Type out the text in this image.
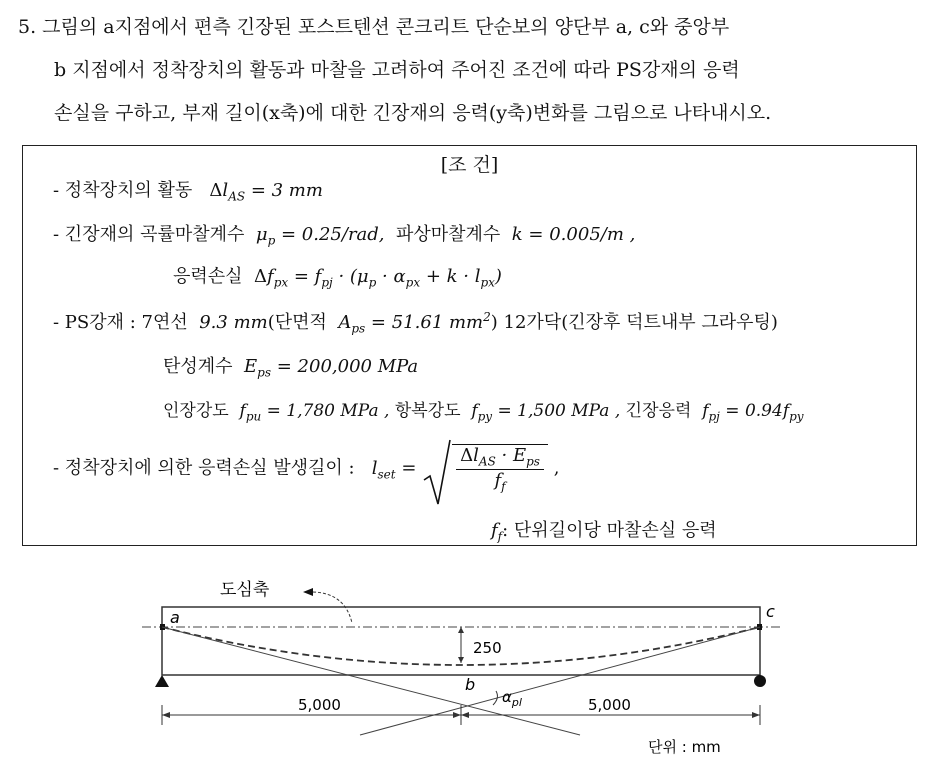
5. 그림의 a지점에서 편측 긴장된 포스트텐션 콘크리트 단순보의 양단부 a, c와 중앙부
b 지점에서 정착장치의 활동과 마찰을 고려하여 주어진 조건에 따라 PS강재의 응력
손실을 구하고, 부재 길이(x축)에 대한 긴장재의 응력(y축)변화를 그림으로 나타내시오.
[조 건]
- 정착장치의 활동 $\Delta l_{AS} = 3$ mm
- 긴장재의 곡률마찰계수 $\mu_p = 0.25/rad$, 파상마찰계수 k = 0.005/m ,
응력손실 $\Delta f_{px} = f_{pj} \cdot (\mu_p \cdot \alpha_{px} + k \cdot l_{px})$
- PS강재 : 7연선 9.3 mm(단면적 $A_{ps} = 51.61$ $mm^2$) 12가닥(긴장후 덕트내부 그라우팅)
탄성계수 $E_{ps} = 200,000$ MPa
인장강도 $f_{pu} = 1,780$ MPa , 항복강도 $f_{py} = 1,500$ MPa , 긴장응력 $f_{pj} = 0.94f_{py}$
- 정착장치에 의한 응력손실 발생길이 : $l_{set} = \frac{\Delta l_{AS} \cdot E_{ps}}{f_f}$ ,
$f_f$: 단위길이당 마찰손실 응력
도심축
250
a	c
b
$\alpha_{pl}$
5,000	5,000
단위 : mm
